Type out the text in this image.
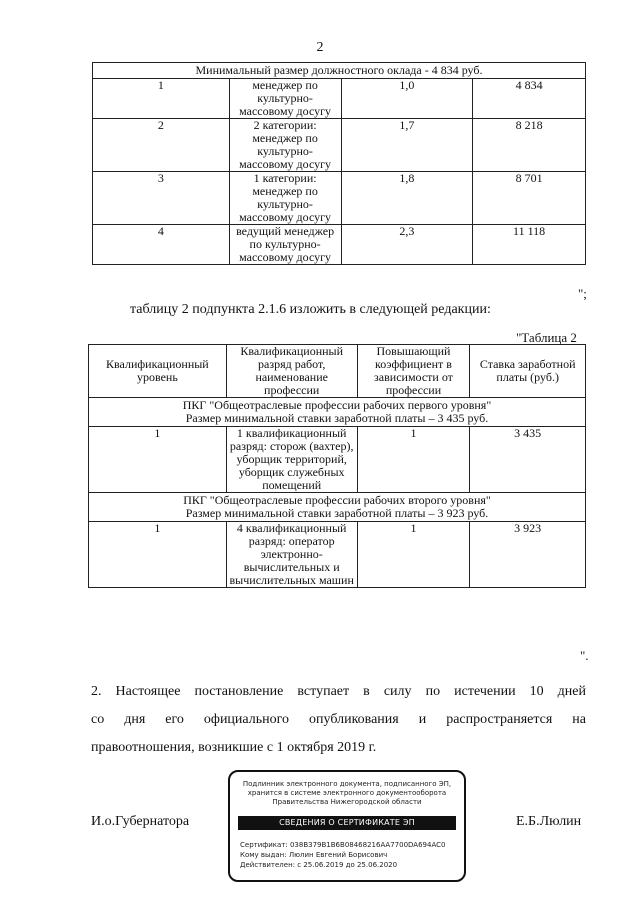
2
Минимальный размер должностного оклада - 4 834 руб.			
1	менеджер по культурно-массовому досугу	1,0	4 834
2	2 категории: менеджер по культурно-массовому досугу	1,7	8 218
3	1 категории: менеджер по культурно-массовому досугу	1,8	8 701
4	ведущий менеджер по культурно-массовому досугу	2,3	11 118
";
таблицу 2 подпункта 2.1.6 изложить в следующей редакции:
"Таблица 2
Квалификационный уровень	Квалификационный разряд работ, наименование профессии	Повышающий коэффициент в зависимости от профессии	Ставка заработной платы (руб.)

ПКГ "Общеотраслевые профессии рабочих первого уровня"
Размер минимальной ставки заработной платы – 3 435 руб.			

1	1 квалификационный разряд: сторож (вахтер), уборщик территорий, уборщик служебных помещений	1	3 435

ПКГ "Общеотраслевые профессии рабочих второго уровня"
Размер минимальной ставки заработной платы – 3 923 руб.			

1	4 квалификационный разряд: оператор электронно-вычислительных и вычислительных машин	1	3 923
".
2. Настоящее постановление вступает в силу по истечении 10 дней
со дня его официального опубликования и распространяется на
правоотношения, возникшие с 1 октября 2019 г.
И.о.Губернатора	Е.Б.Люлин
Подлинник электронного документа, подписанного ЭП,
хранится в системе электронного документооборота
Правительства Нижегородской области
СВЕДЕНИЯ О СЕРТИФИКАТЕ ЭП
Сертификат: 038B379B1B6B08468216AA7700DA694AC0
Кому выдан: Люлин Евгений Борисович
Действителен: с 25.06.2019 до 25.06.2020
